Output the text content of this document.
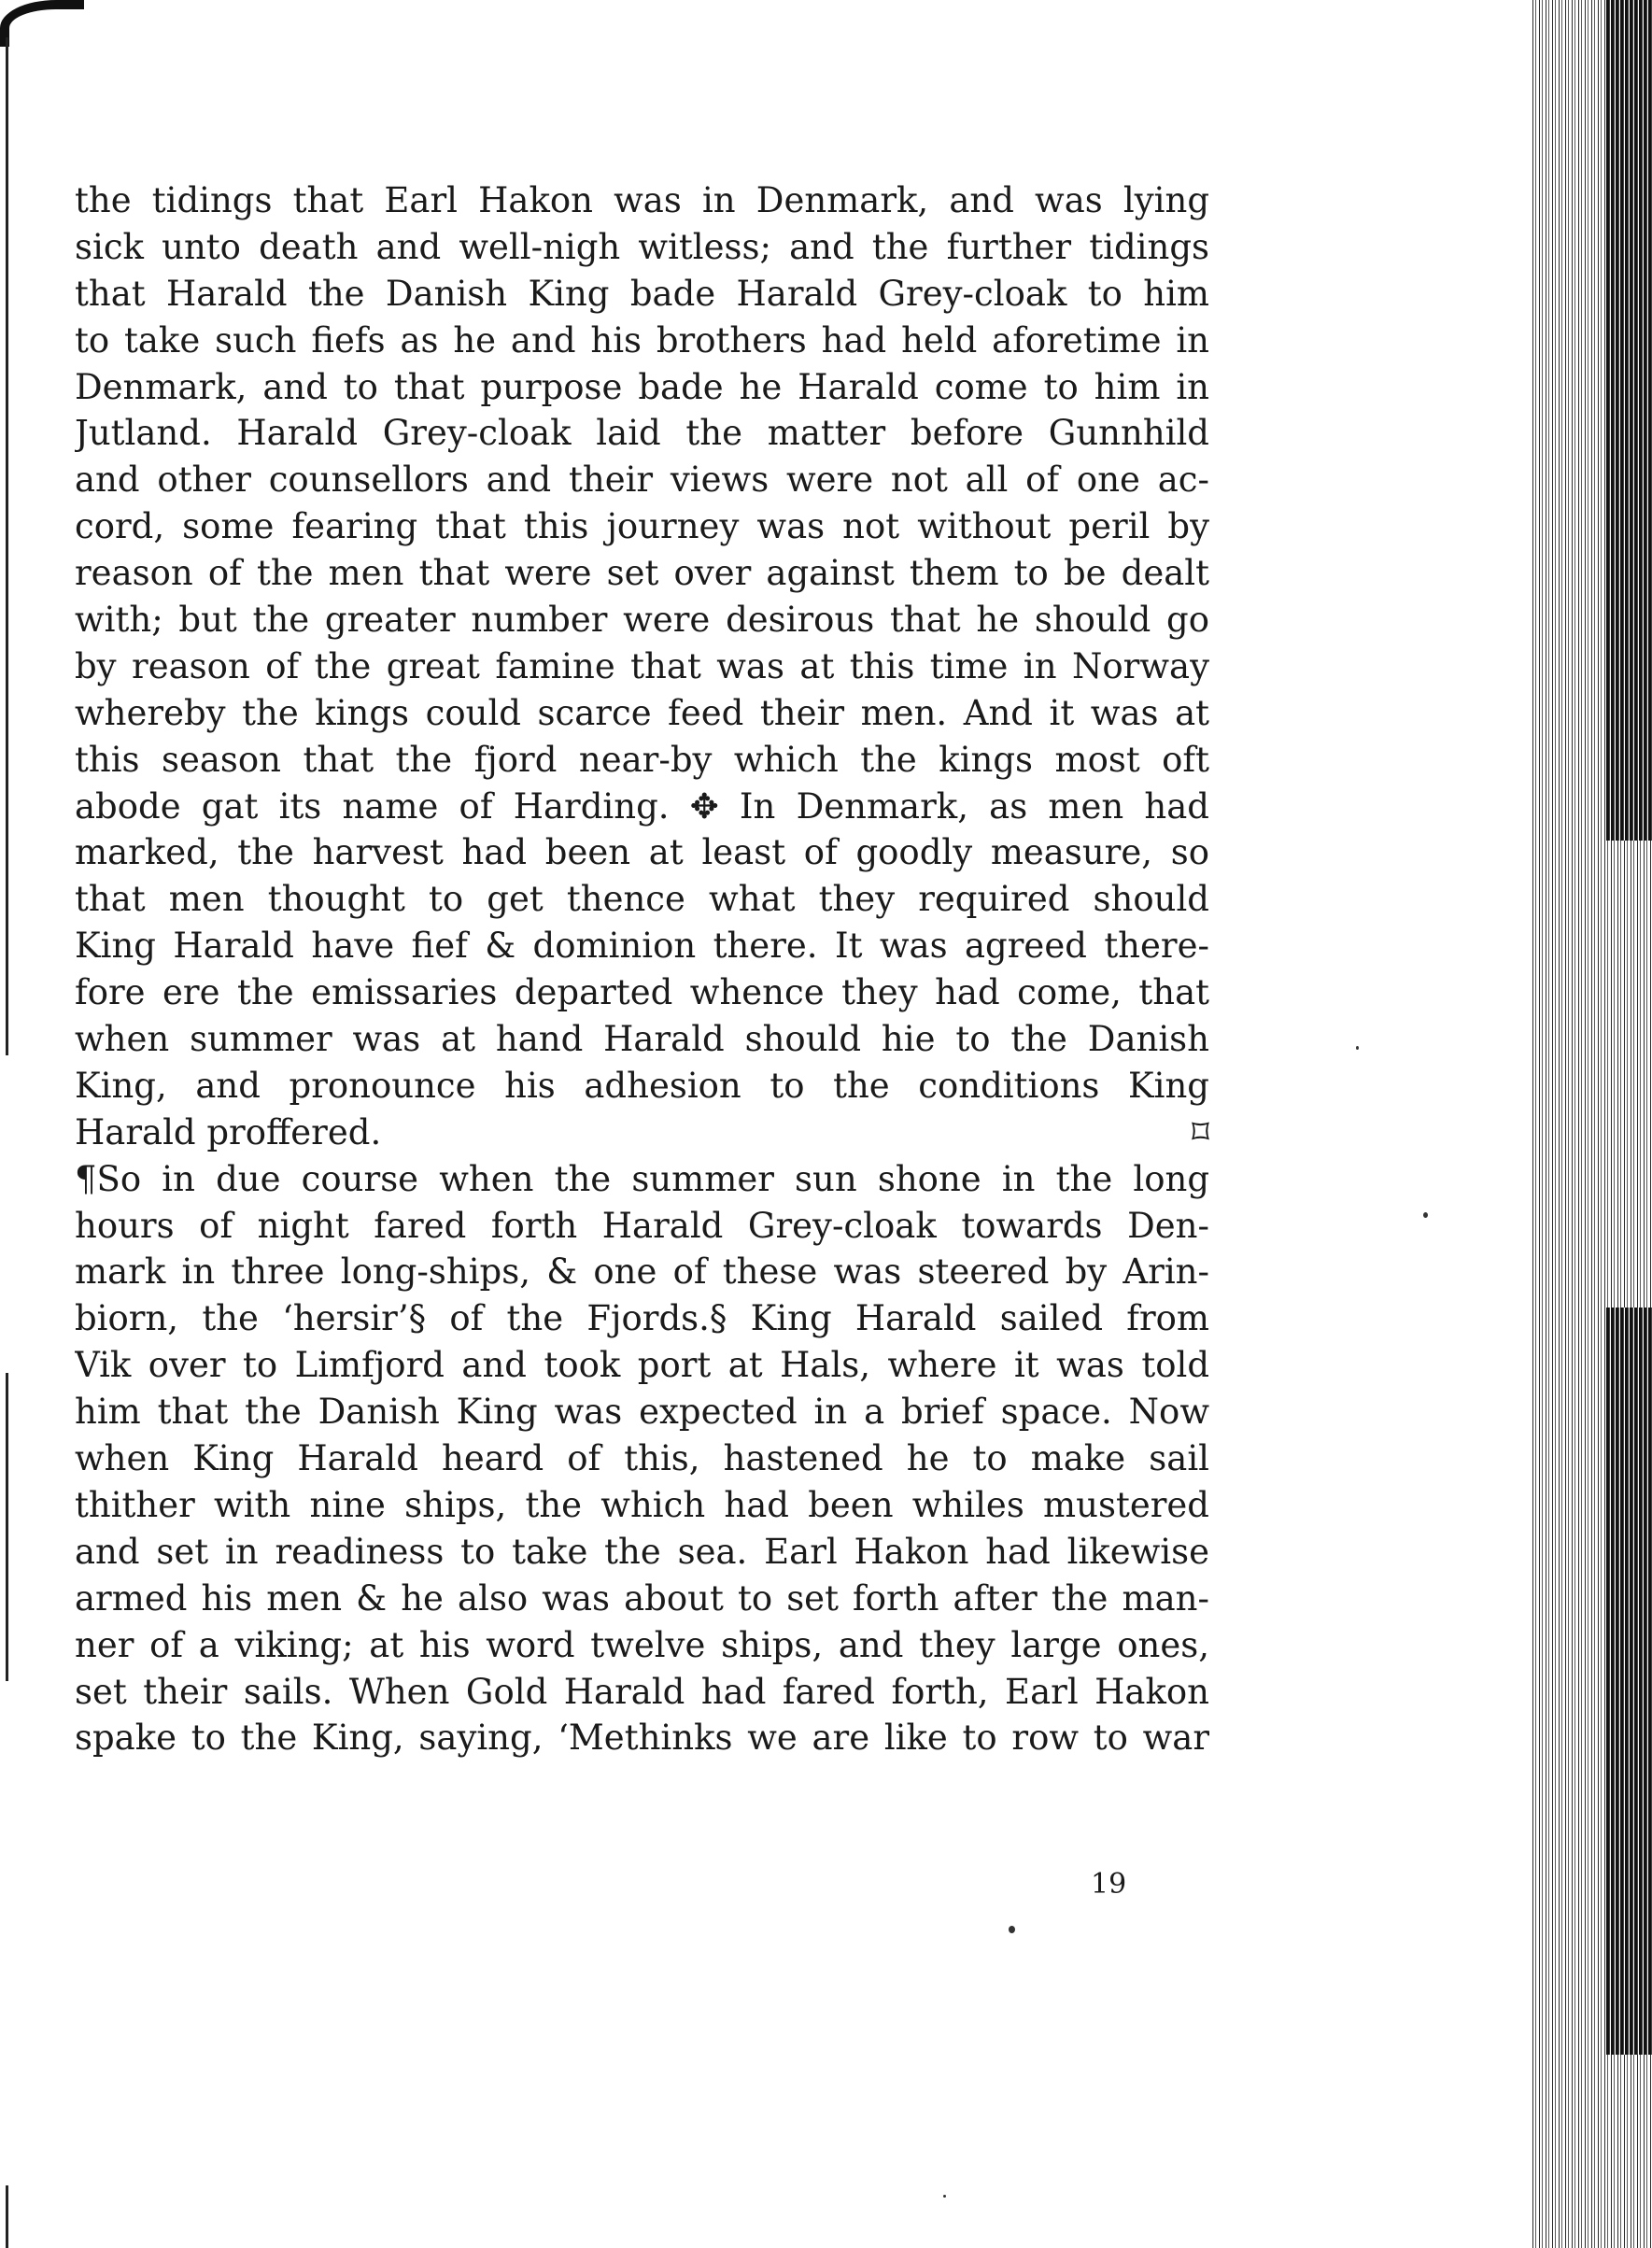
the tidings that Earl Hakon was in Denmark, and was lying
sick unto death and well-nigh witless; and the further tidings
that Harald the Danish King bade Harald Grey-cloak to him
to take such fiefs as he and his brothers had held aforetime in
Denmark, and to that purpose bade he Harald come to him in
Jutland. Harald Grey-cloak laid the matter before Gunnhild
and other counsellors and their views were not all of one ac-
cord, some fearing that this journey was not without peril by
reason of the men that were set over against them to be dealt
with; but the greater number were desirous that he should go
by reason of the great famine that was at this time in Norway
whereby the kings could scarce feed their men. And it was at
this season that the fjord near-by which the kings most oft
abode gat its name of Harding. ✥ In Denmark, as men had
marked, the harvest had been at least of goodly measure, so
that men thought to get thence what they required should
King Harald have fief & dominion there. It was agreed there-
fore ere the emissaries departed whence they had come, that
when summer was at hand Harald should hie to the Danish
King, and pronounce his adhesion to the conditions King
Harald proffered.	⌑
¶So in due course when the summer sun shone in the long
hours of night fared forth Harald Grey-cloak towards Den-
mark in three long-ships, & one of these was steered by Arin-
biorn, the ‘hersir’§ of the Fjords.§ King Harald sailed from
Vik over to Limfjord and took port at Hals, where it was told
him that the Danish King was expected in a brief space. Now
when King Harald heard of this, hastened he to make sail
thither with nine ships, the which had been whiles mustered
and set in readiness to take the sea. Earl Hakon had likewise
armed his men & he also was about to set forth after the man-
ner of a viking; at his word twelve ships, and they large ones,
set their sails. When Gold Harald had fared forth, Earl Hakon
spake to the King, saying, ‘Methinks we are like to row to war
19
